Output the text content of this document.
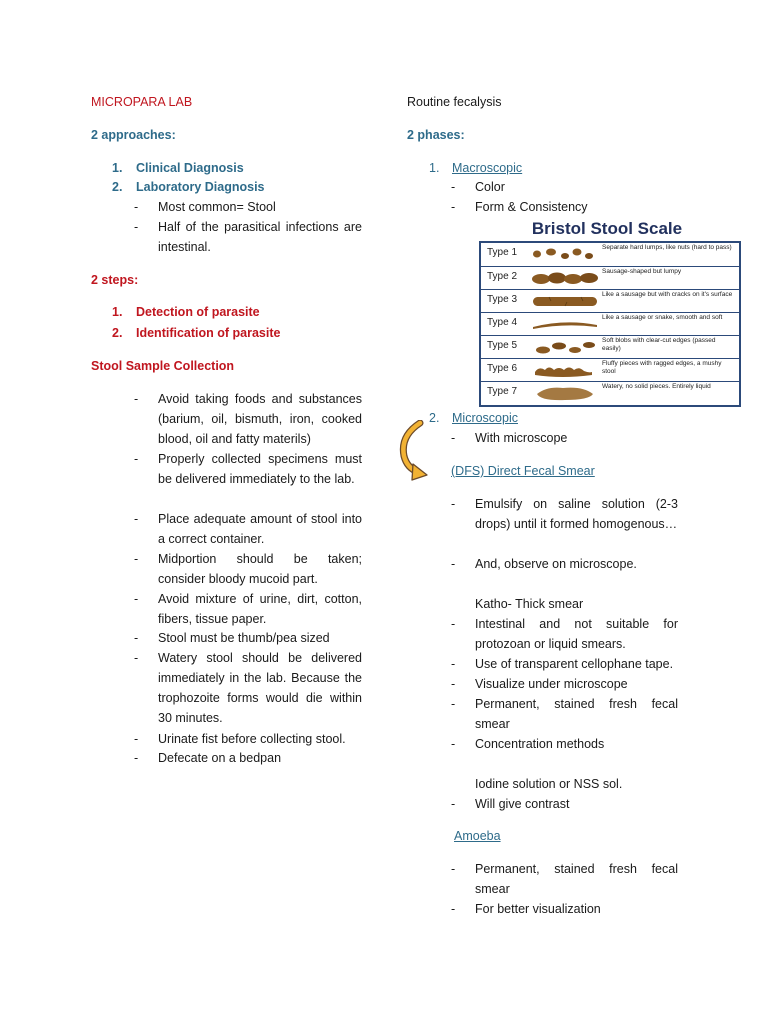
MICROPARA LAB
2 approaches:
1. Clinical Diagnosis
2. Laboratory Diagnosis
- Most common= Stool
- Half of the parasitical infections are intestinal.
2 steps:
1. Detection of parasite
2. Identification of parasite
Stool Sample Collection
- Avoid taking foods and substances (barium, oil, bismuth, iron, cooked blood, oil and fatty materils)
- Properly collected specimens must be delivered immediately to the lab.
- Place adequate amount of stool into a correct container.
- Midportion should be taken; consider bloody mucoid part.
- Avoid mixture of urine, dirt, cotton, fibers, tissue paper.
- Stool must be thumb/pea sized
- Watery stool should be delivered immediately in the lab. Because the trophozoite forms would die within 30 minutes.
- Urinate fist before collecting stool.
- Defecate on a bedpan
Routine fecalysis
2 phases:
1. Macroscopic
- Color
- Form & Consistency
Bristol Stool Scale
Type 1	Separate hard lumps, like nuts (hard to pass)
Type 2	Sausage-shaped but lumpy
Type 3	Like a sausage but with cracks on it's surface
Type 4	Like a sausage or snake, smooth and soft
Type 5	Soft blobs with clear-cut edges (passed easily)
Type 6	Fluffy pieces with ragged edges, a mushy stool
Type 7	Watery, no solid pieces. Entirely liquid
2. Microscopic
- With microscope
(DFS) Direct Fecal Smear
- Emulsify on saline solution (2-3 drops) until it formed homogenous…
- And, observe on microscope.
Katho- Thick smear
- Intestinal and not suitable for protozoan or liquid smears.
- Use of transparent cellophane tape.
- Visualize under microscope
- Permanent, stained fresh fecal smear
- Concentration methods
Iodine solution or NSS sol.
- Will give contrast
Amoeba
- Permanent, stained fresh fecal smear
- For better visualization
